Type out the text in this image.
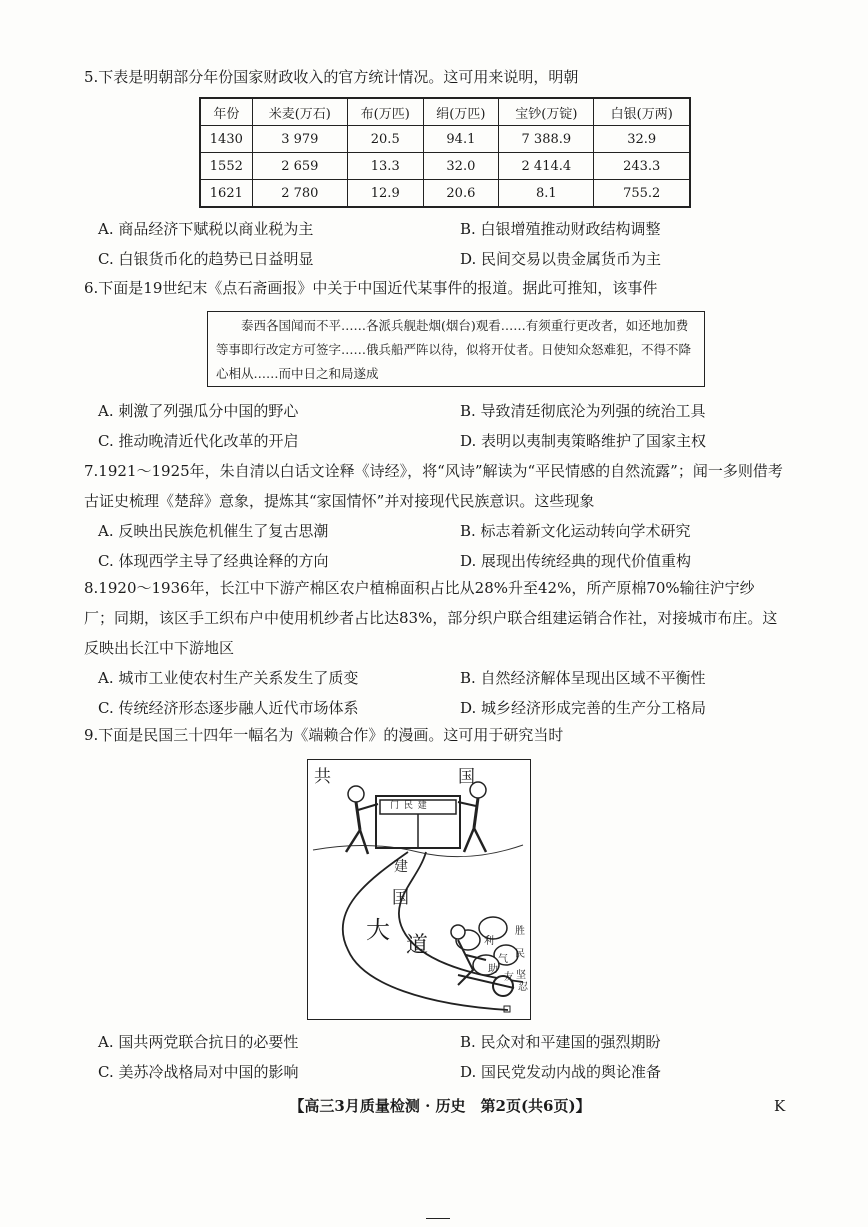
5.下表是明朝部分年份国家财政收入的官方统计情况。这可用来说明，明朝

年份	米麦(万石)	布(万匹)	绢(万匹)	宝钞(万锭)	白银(万两)
1430	3 979	20.5	94.1	7 388.9	32.9
1552	2 659	13.3	32.0	2 414.4	243.3
1621	2 780	12.9	20.6	8.1	755.2
A. 商品经济下赋税以商业税为主	B. 白银增殖推动财政结构调整
C. 白银货币化的趋势已日益明显	D. 民间交易以贵金属货币为主

6.下面是19世纪末《点石斋画报》中关于中国近代某事件的报道。据此可推知，该事件

泰西各国闻而不平……各派兵舰赴烟(烟台)观看……有须重行更改者，如还地加费等事即行改定方可签字……俄兵船严阵以待，似将开仗者。日使知众怒难犯，不得不降心相从……而中日之和局遂成

A. 刺激了列强瓜分中国的野心	B. 导致清廷彻底沦为列强的统治工具
C. 推动晚清近代化改革的开启	D. 表明以夷制夷策略维护了国家主权

7.1921～1925年，朱自清以白话文诠释《诗经》，将“风诗”解读为“平民情感的自然流露”；闻一多则借考古证史梳理《楚辞》意象，提炼其“家国情怀”并对接现代民族意识。这些现象

A. 反映出民族危机催生了复古思潮	B. 标志着新文化运动转向学术研究
C. 体现西学主导了经典诠释的方向	D. 展现出传统经典的现代价值重构

8.1920～1936年，长江中下游产棉区农户植棉面积占比从28%升至42%，所产原棉70%输往沪宁纱厂；同期，该区手工织布户中使用机纱者占比达83%，部分织户联合组建运销合作社，对接城市布庄。这反映出长江中下游地区

A. 城市工业使农村生产关系发生了质变	B. 自然经济解体呈现出区域不平衡性
C. 传统经济形态逐步融人近代市场体系	D. 城乡经济形成完善的生产分工格局

9.下面是民国三十四年一幅名为《端赖合作》的漫画。这可用于研究当时

共	国
门 民 建
大
国
建
道
胜
利
气 民
助
友 坚
忍
A. 国共两党联合抗日的必要性	B. 民众对和平建国的强烈期盼
C. 美苏冷战格局对中国的影响	D. 国民党发动内战的舆论准备
【高三3月质量检测 · 历史　第2页(共6页)】	K
